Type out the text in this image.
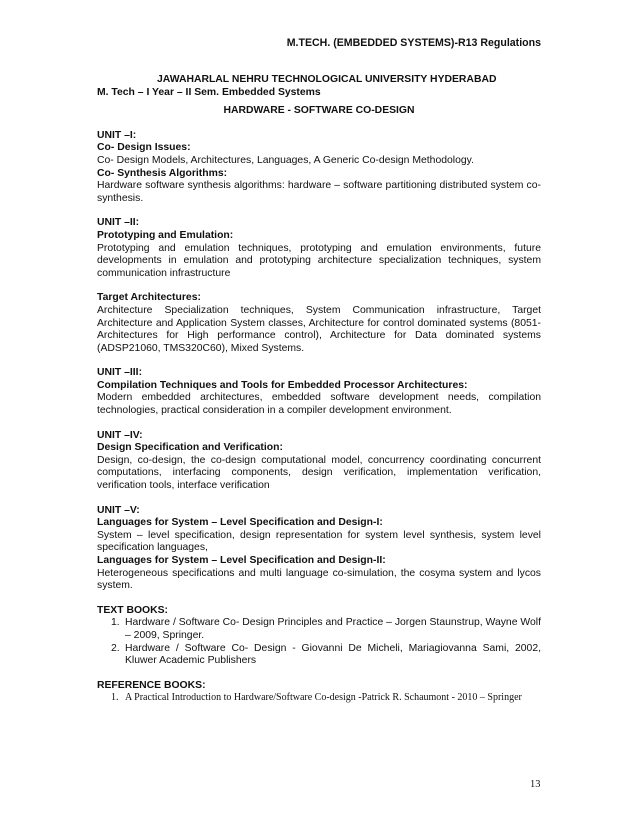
M.TECH. (EMBEDDED SYSTEMS)-R13 Regulations
JAWAHARLAL NEHRU TECHNOLOGICAL UNIVERSITY HYDERABAD
M. Tech – I Year – II Sem. Embedded Systems
HARDWARE - SOFTWARE CO-DESIGN
UNIT –I:
Co- Design Issues:
Co- Design Models, Architectures, Languages, A Generic Co-design Methodology.
Co- Synthesis Algorithms:
Hardware software synthesis algorithms: hardware – software partitioning distributed system co-synthesis.
UNIT –II:
Prototyping and Emulation:
Prototyping and emulation techniques, prototyping and emulation environments, future developments in emulation and prototyping architecture specialization techniques, system communication infrastructure
Target Architectures:
Architecture Specialization techniques, System Communication infrastructure, Target Architecture and Application System classes, Architecture for control dominated systems (8051-Architectures for High performance control), Architecture for Data dominated systems (ADSP21060, TMS320C60), Mixed Systems.
UNIT –III:
Compilation Techniques and Tools for Embedded Processor Architectures:
Modern embedded architectures, embedded software development needs, compilation technologies, practical consideration in a compiler development environment.
UNIT –IV:
Design Specification and Verification:
Design, co-design, the co-design computational model, concurrency coordinating concurrent computations, interfacing components, design verification, implementation verification, verification tools, interface verification
UNIT –V:
Languages for System – Level Specification and Design-I:
System – level specification, design representation for system level synthesis, system level specification languages,
Languages for System – Level Specification and Design-II:
Heterogeneous specifications and multi language co-simulation, the cosyma system and lycos system.
TEXT BOOKS:
1. Hardware / Software Co- Design Principles and Practice – Jorgen Staunstrup, Wayne Wolf – 2009, Springer.
2. Hardware / Software Co- Design - Giovanni De Micheli, Mariagiovanna Sami, 2002, Kluwer Academic Publishers
REFERENCE BOOKS:
1. A Practical Introduction to Hardware/Software Co-design -Patrick R. Schaumont - 2010 – Springer
13
